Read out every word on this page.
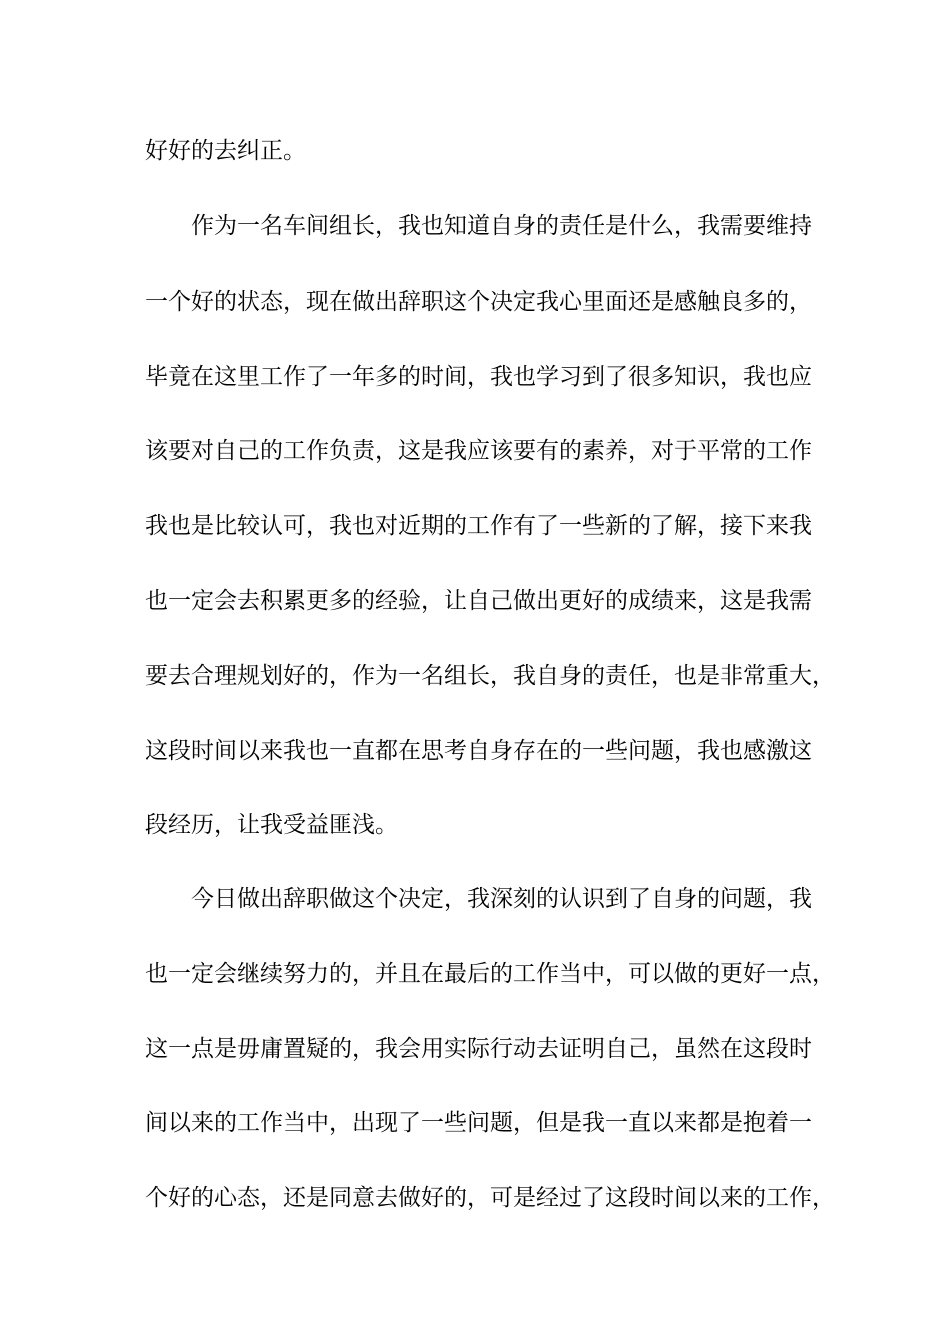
好好的去纠正。
作为一名车间组长，我也知道自身的责任是什么，我需要维持
一个好的状态，现在做出辞职这个决定我心里面还是感触良多的，
毕竟在这里工作了一年多的时间，我也学习到了很多知识，我也应
该要对自己的工作负责，这是我应该要有的素养，对于平常的工作
我也是比较认可，我也对近期的工作有了一些新的了解，接下来我
也一定会去积累更多的经验，让自己做出更好的成绩来，这是我需
要去合理规划好的，作为一名组长，我自身的责任，也是非常重大，
这段时间以来我也一直都在思考自身存在的一些问题，我也感激这
段经历，让我受益匪浅。
今日做出辞职做这个决定，我深刻的认识到了自身的问题，我
也一定会继续努力的，并且在最后的工作当中，可以做的更好一点，
这一点是毋庸置疑的，我会用实际行动去证明自己，虽然在这段时
间以来的工作当中，出现了一些问题，但是我一直以来都是抱着一
个好的心态，还是同意去做好的，可是经过了这段时间以来的工作，
